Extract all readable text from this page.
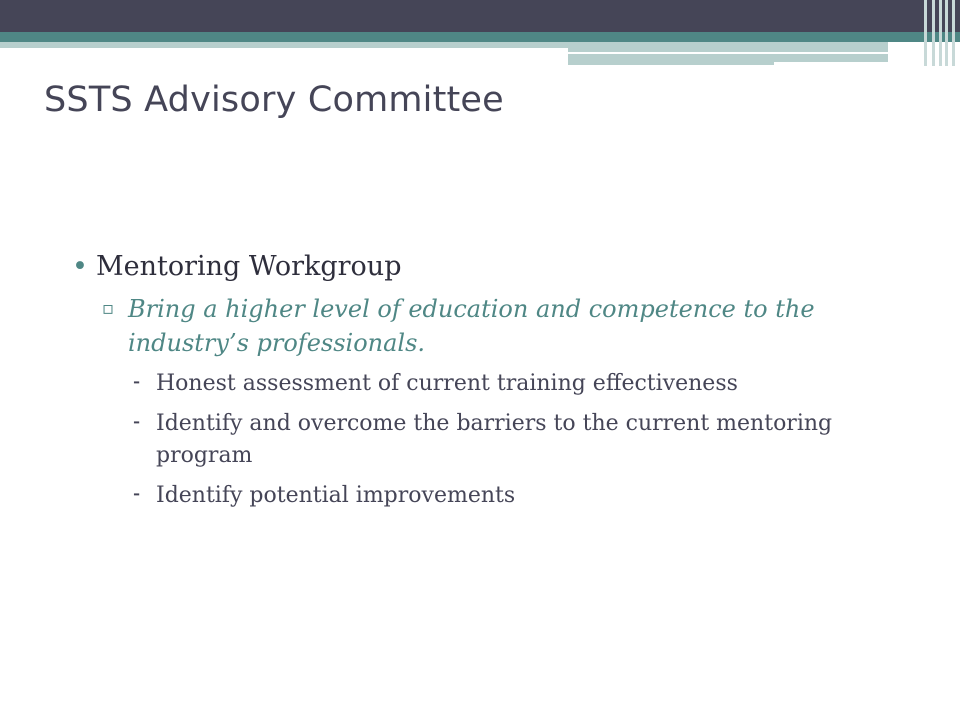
SSTS Advisory Committee
• Mentoring Workgroup
▫ Bring a higher level of education and competence to the industry’s professionals.
⁃ Honest assessment of current training effectiveness
⁃ Identify and overcome the barriers to the current mentoring program
⁃ Identify potential improvements
